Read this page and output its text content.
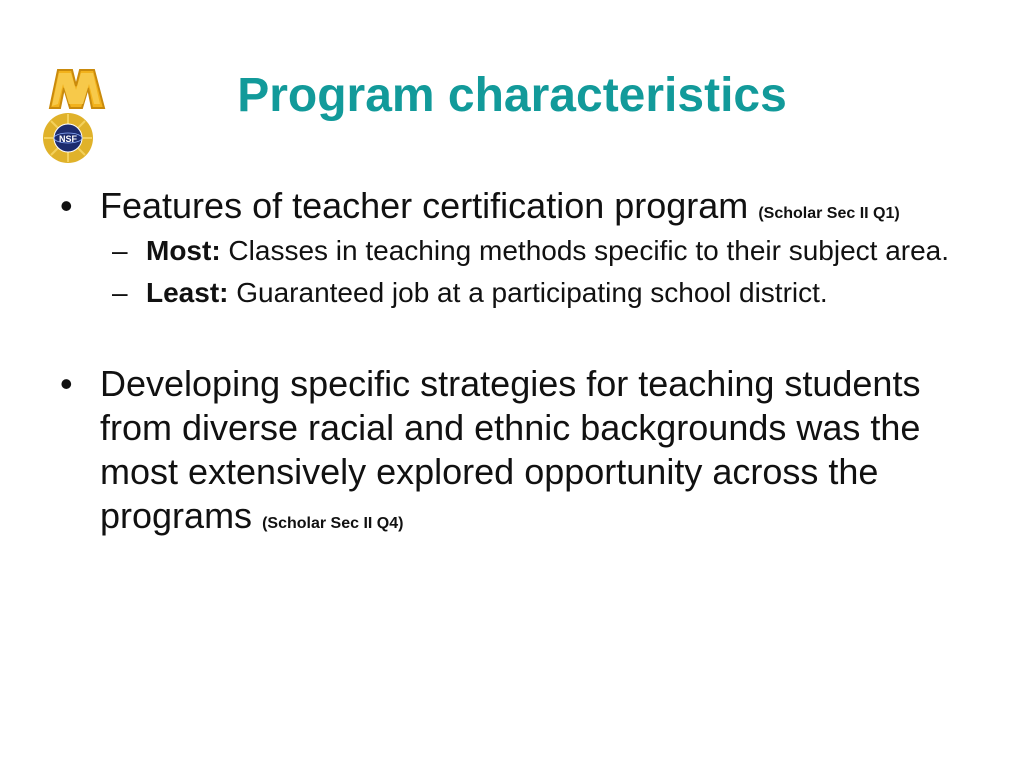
NSF
Program characteristics
• Features of teacher certification program (Scholar Sec II Q1)
– Most: Classes in teaching methods specific to their subject area.
– Least: Guaranteed job at a participating school district.
• Developing specific strategies for teaching students from diverse racial and ethnic backgrounds was the most extensively explored opportunity across the programs (Scholar Sec II Q4)
